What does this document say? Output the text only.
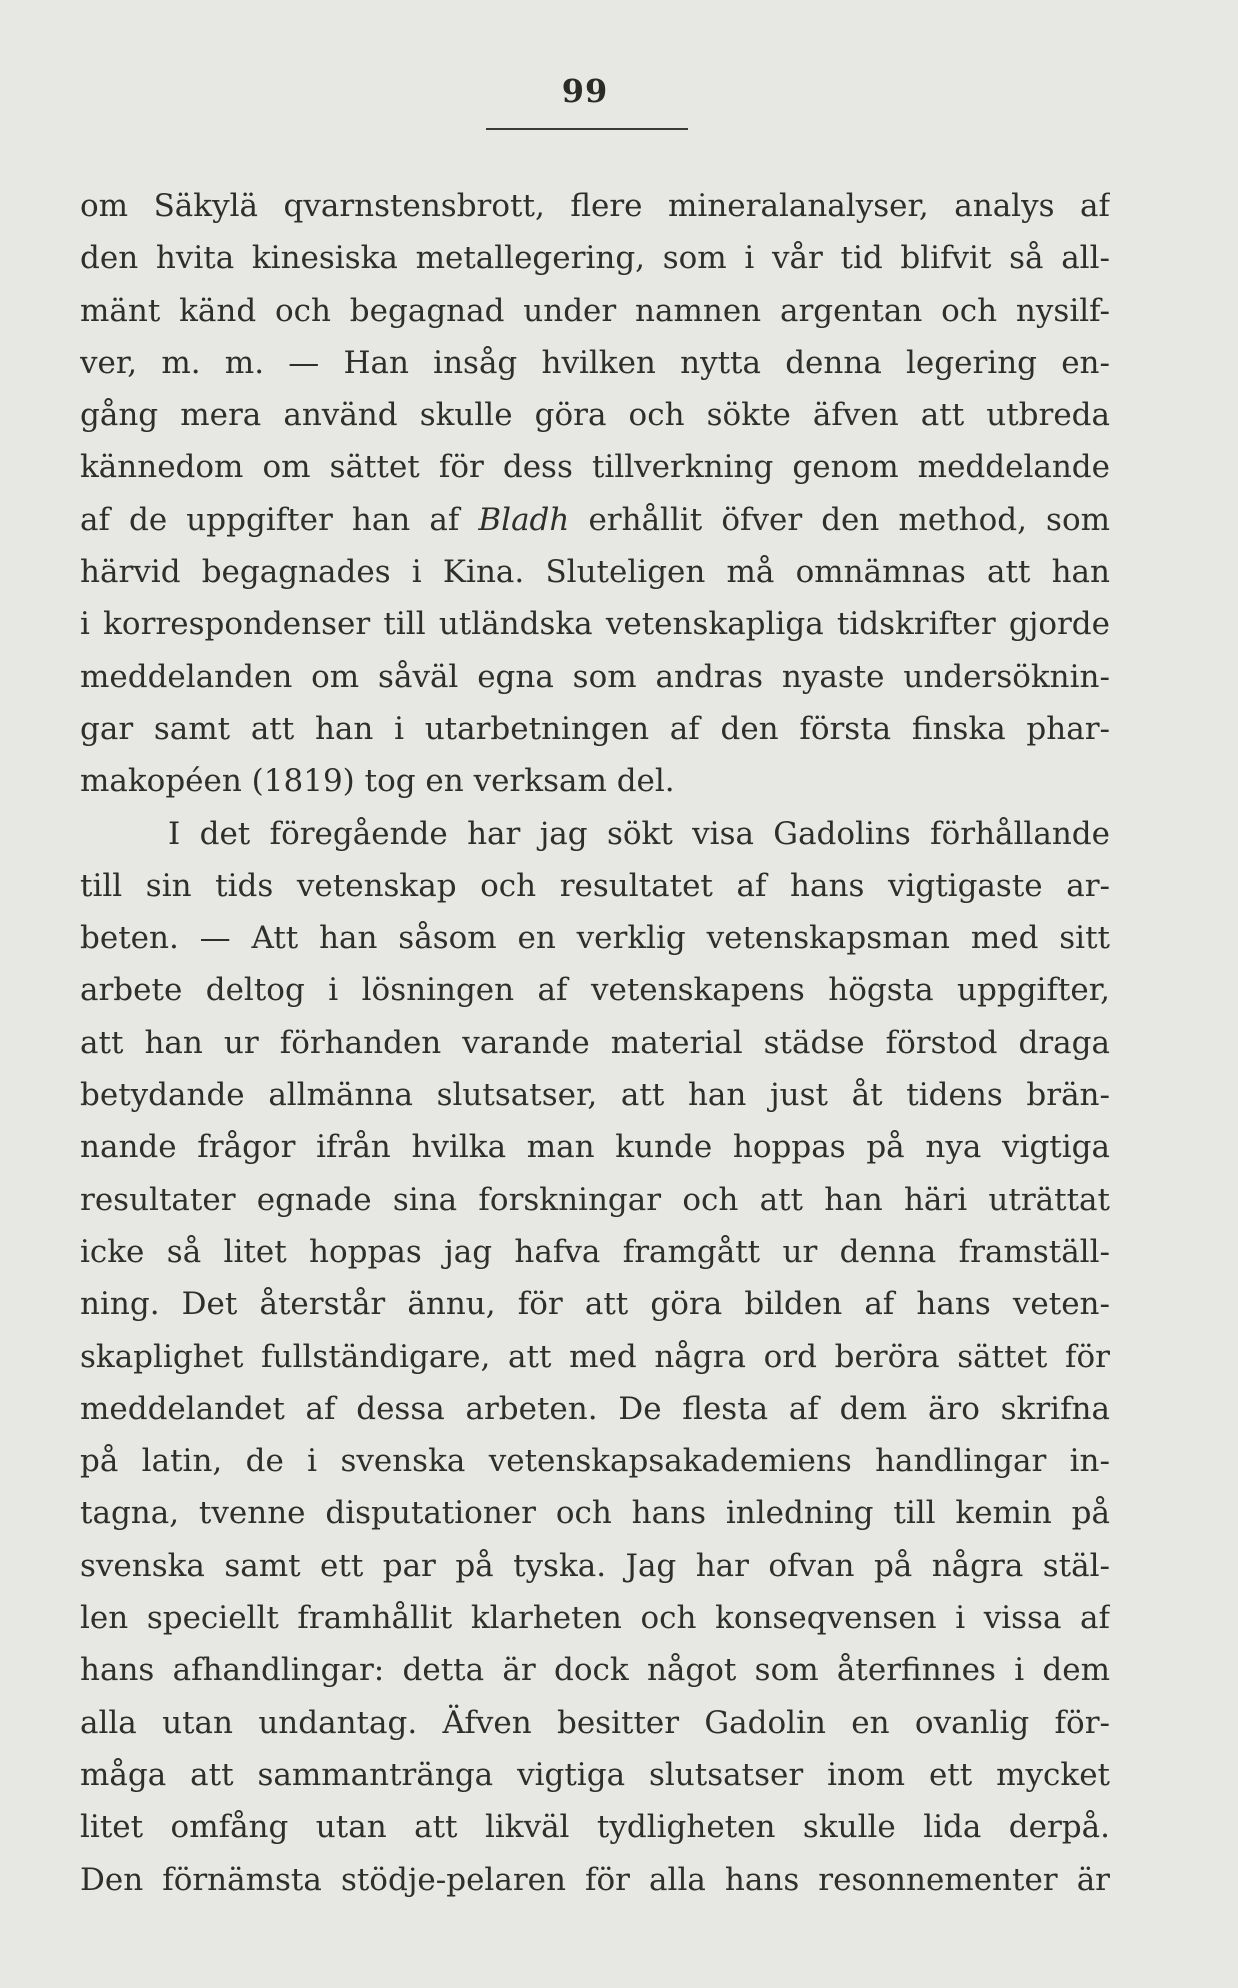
99
om Säkylä qvarnstensbrott, flere mineralanalyser, analys af
den hvita kinesiska metallegering, som i vår tid blifvit så all-
mänt känd och begagnad under namnen argentan och nysilf-
ver, m. m. — Han insåg hvilken nytta denna legering en-
gång mera använd skulle göra och sökte äfven att utbreda
kännedom om sättet för dess tillverkning genom meddelande
af de uppgifter han af Bladh erhållit öfver den method, som
härvid begagnades i Kina. Sluteligen må omnämnas att han
i korrespondenser till utländska vetenskapliga tidskrifter gjorde
meddelanden om såväl egna som andras nyaste undersöknin-
gar samt att han i utarbetningen af den första finska phar-
makopéen (1819) tog en verksam del.
I det föregående har jag sökt visa Gadolins förhållande
till sin tids vetenskap och resultatet af hans vigtigaste ar-
beten. — Att han såsom en verklig vetenskapsman med sitt
arbete deltog i lösningen af vetenskapens högsta uppgifter,
att han ur förhanden varande material städse förstod draga
betydande allmänna slutsatser, att han just åt tidens brän-
nande frågor ifrån hvilka man kunde hoppas på nya vigtiga
resultater egnade sina forskningar och att han häri uträttat
icke så litet hoppas jag hafva framgått ur denna framställ-
ning. Det återstår ännu, för att göra bilden af hans veten-
skaplighet fullständigare, att med några ord beröra sättet för
meddelandet af dessa arbeten. De flesta af dem äro skrifna
på latin, de i svenska vetenskapsakademiens handlingar in-
tagna, tvenne disputationer och hans inledning till kemin på
svenska samt ett par på tyska. Jag har ofvan på några stäl-
len speciellt framhållit klarheten och konseqvensen i vissa af
hans afhandlingar: detta är dock något som återfinnes i dem
alla utan undantag. Äfven besitter Gadolin en ovanlig för-
måga att sammantränga vigtiga slutsatser inom ett mycket
litet omfång utan att likväl tydligheten skulle lida derpå.
Den förnämsta stödje-pelaren för alla hans resonnementer är
